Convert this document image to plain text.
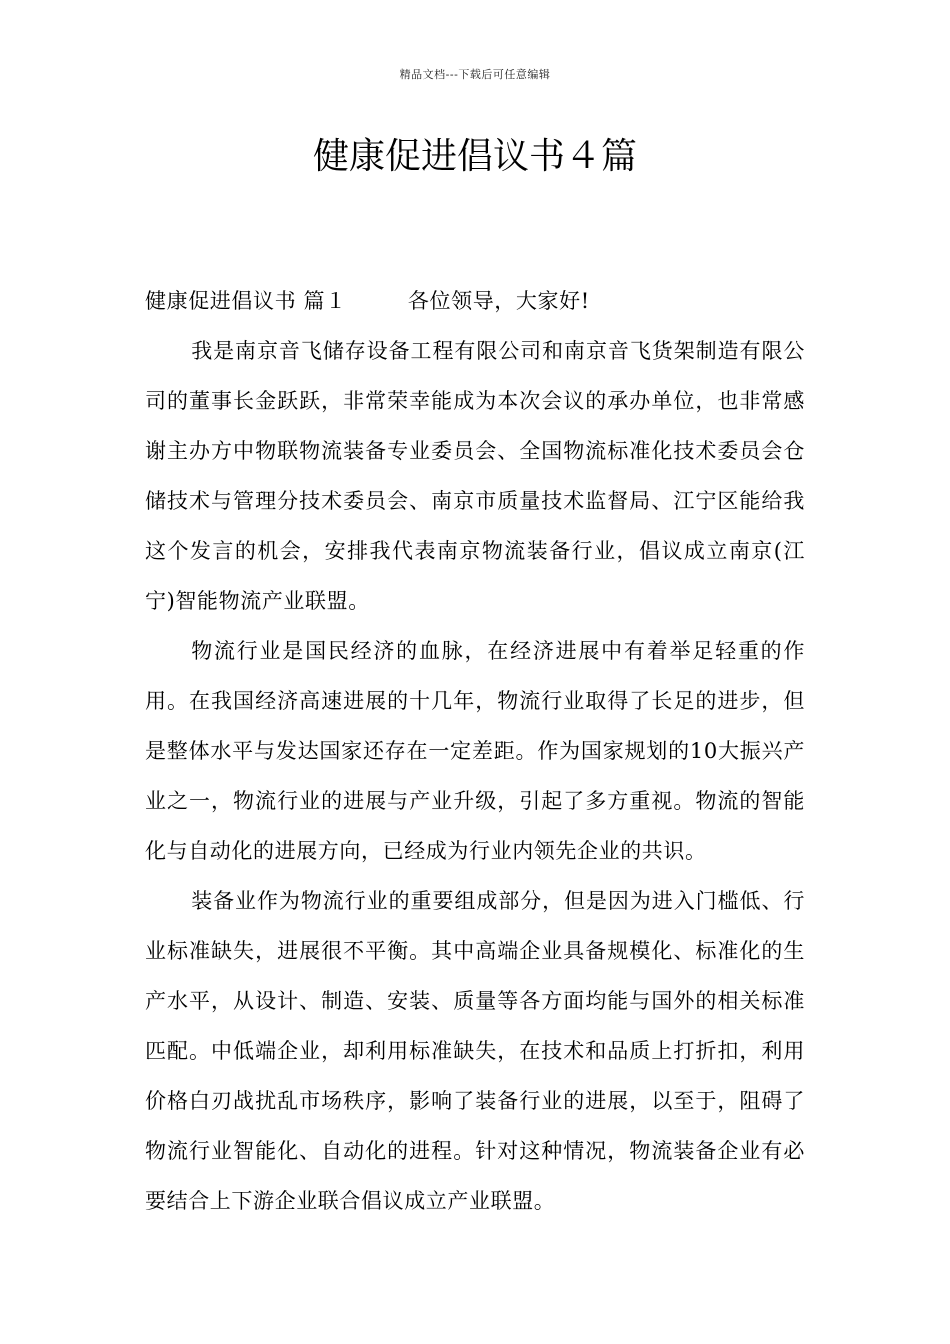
精品文档---下载后可任意编辑
健康促进倡议书４篇

健康促进倡议书 篇１　　	各位领导，大家好!

我是南京音飞储存设备工程有限公司和南京音飞货架制造有限公司的董事长金跃跃，非常荣幸能成为本次会议的承办单位，也非常感谢主办方中物联物流装备专业委员会、全国物流标准化技术委员会仓储技术与管理分技术委员会、南京市质量技术监督局、江宁区能给我这个发言的机会，安排我代表南京物流装备行业，倡议成立南京(江宁)智能物流产业联盟。

物流行业是国民经济的血脉，在经济进展中有着举足轻重的作用。在我国经济高速进展的十几年，物流行业取得了长足的进步，但是整体水平与发达国家还存在一定差距。作为国家规划的10大振兴产业之一，物流行业的进展与产业升级，引起了多方重视。物流的智能化与自动化的进展方向，已经成为行业内领先企业的共识。

装备业作为物流行业的重要组成部分，但是因为进入门槛低、行业标准缺失，进展很不平衡。其中高端企业具备规模化、标准化的生产水平，从设计、制造、安装、质量等各方面均能与国外的相关标准匹配。中低端企业，却利用标准缺失，在技术和品质上打折扣，利用价格白刃战扰乱市场秩序，影响了装备行业的进展，以至于，阻碍了物流行业智能化、自动化的进程。针对这种情况，物流装备企业有必要结合上下游企业联合倡议成立产业联盟。
